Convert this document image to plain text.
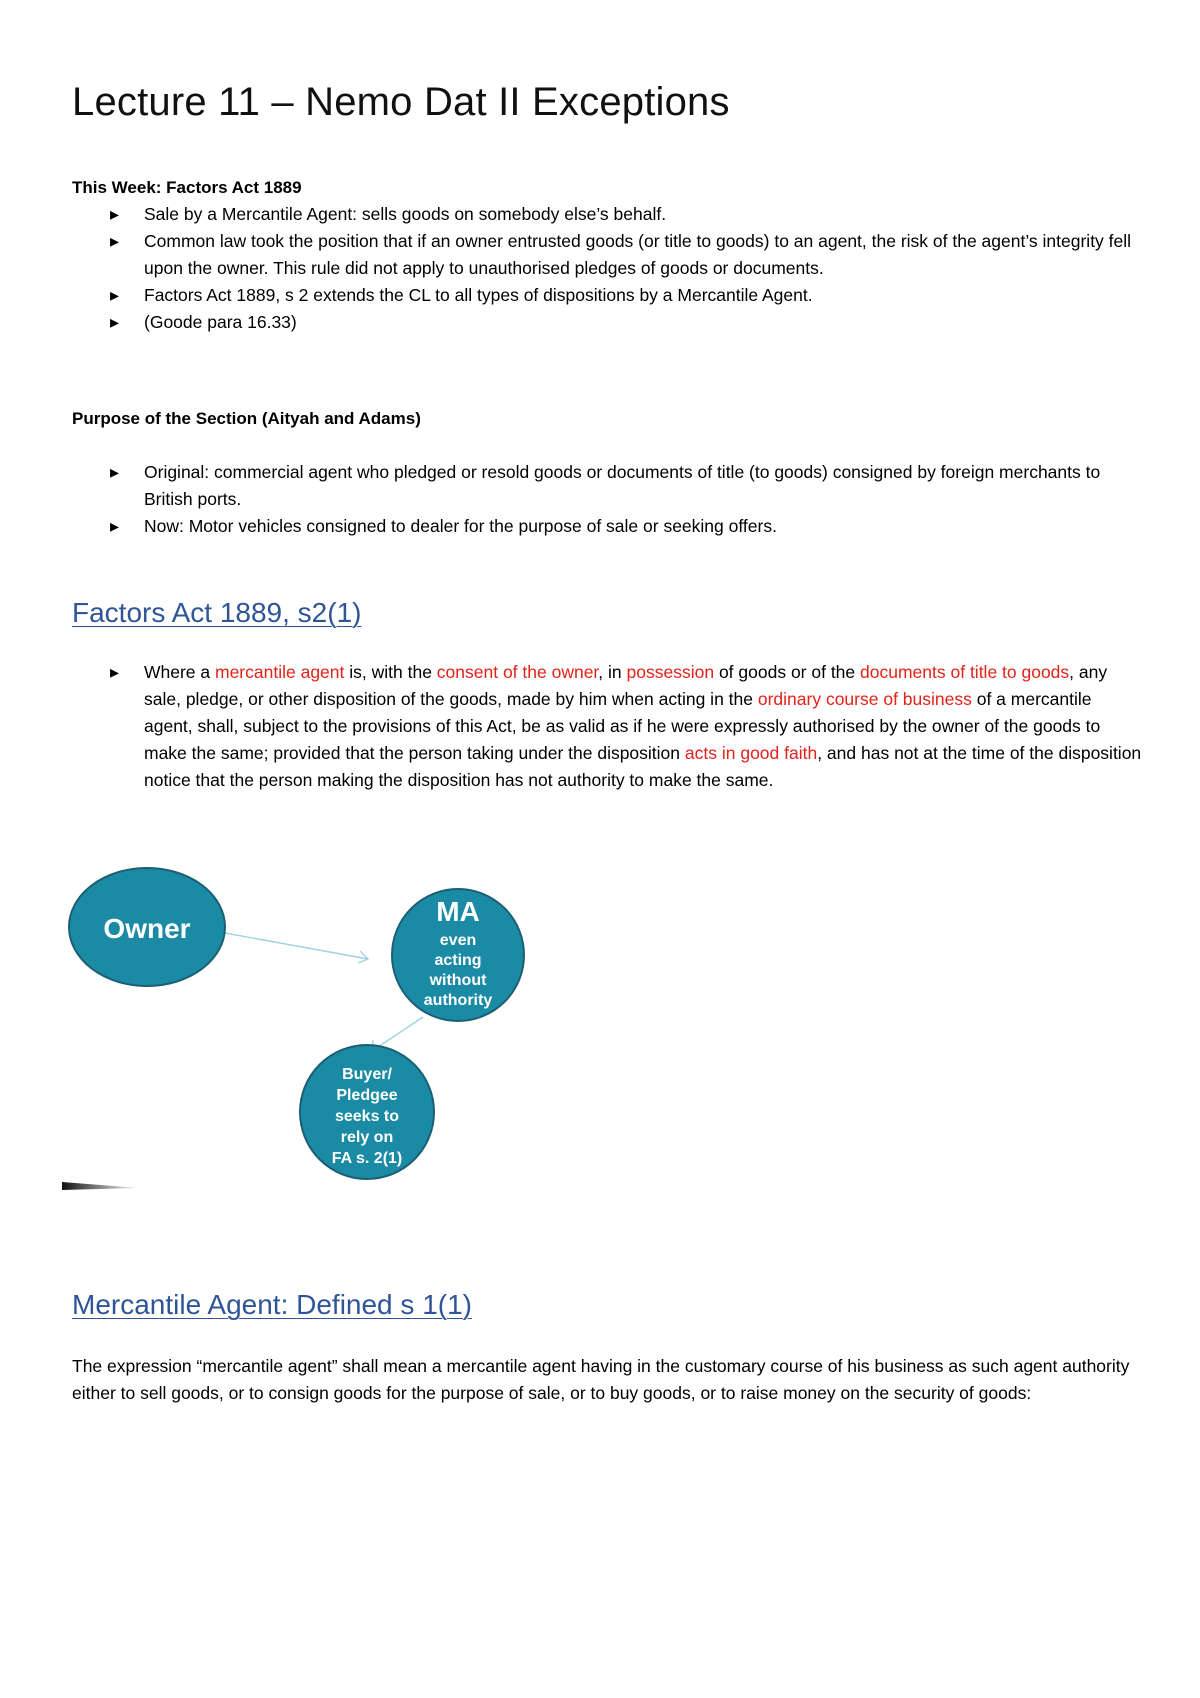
Lecture 11 – Nemo Dat II Exceptions
This Week: Factors Act 1889
▸ Sale by a Mercantile Agent: sells goods on somebody else’s behalf.
▸ Common law took the position that if an owner entrusted goods (or title to goods) to an agent, the risk of the agent’s integrity fell upon the owner. This rule did not apply to unauthorised pledges of goods or documents.
▸ Factors Act 1889, s 2 extends the CL to all types of dispositions by a Mercantile Agent.
▸ (Goode para 16.33)
Purpose of the Section (Aityah and Adams)
▸ Original: commercial agent who pledged or resold goods or documents of title (to goods) consigned by foreign merchants to British ports.
▸ Now: Motor vehicles consigned to dealer for the purpose of sale or seeking offers.
Factors Act 1889, s2(1)
▸ Where a mercantile agent is, with the consent of the owner, in possession of goods or of the documents of title to goods, any sale, pledge, or other disposition of the goods, made by him when acting in the ordinary course of business of a mercantile agent, shall, subject to the provisions of this Act, be as valid as if he were expressly authorised by the owner of the goods to make the same; provided that the person taking under the disposition acts in good faith, and has not at the time of the disposition notice that the person making the disposition has not authority to make the same.
Owner
MA
even
acting
without
authority
Buyer/
Pledgee
seeks to
rely on
FA s. 2(1)
Mercantile Agent: Defined s 1(1)

The expression “mercantile agent” shall mean a mercantile agent having in the customary course of his business as such agent authority either to sell goods, or to consign goods for the purpose of sale, or to buy goods, or to raise money on the security of goods:
